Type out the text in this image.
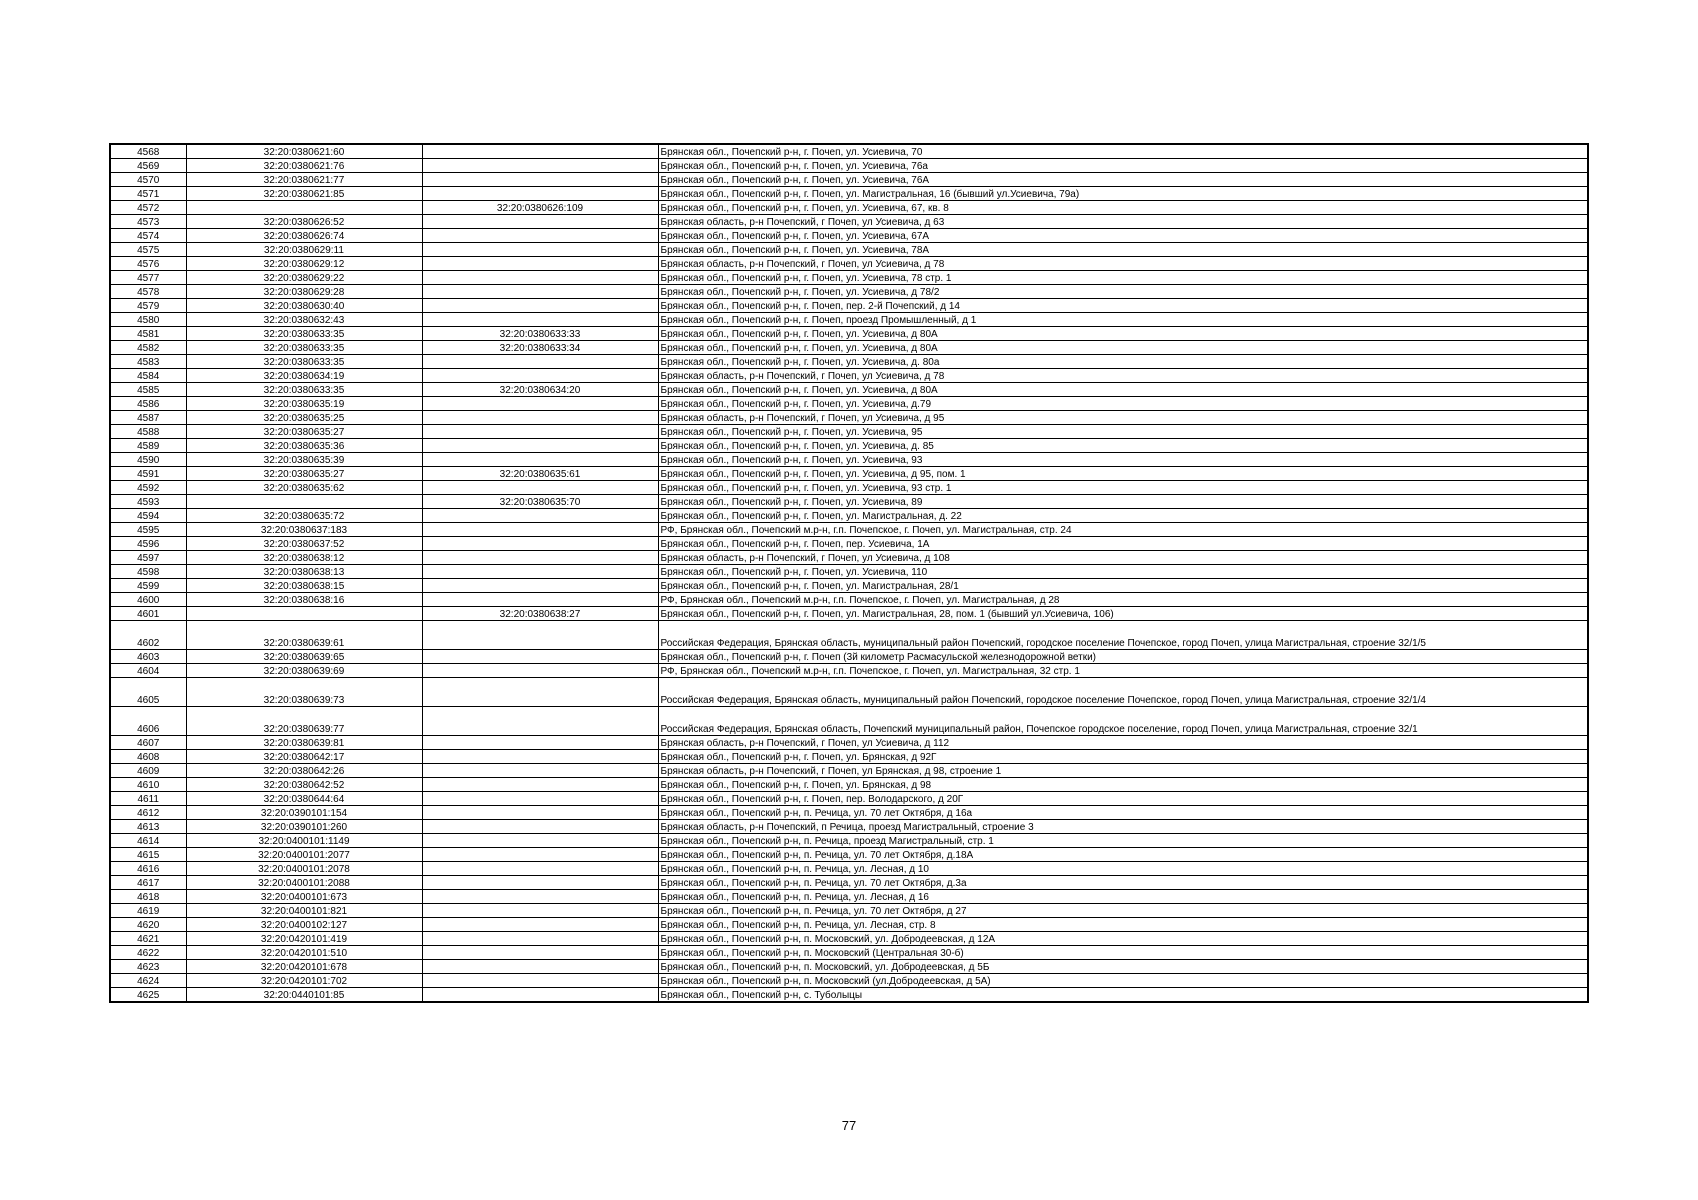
4568	32:20:0380621:60		Брянская обл., Почепский р-н, г. Почеп, ул. Усиевича, 70
4569	32:20:0380621:76		Брянская обл., Почепский р-н, г. Почеп, ул. Усиевича, 76а
4570	32:20:0380621:77		Брянская обл., Почепский р-н, г. Почеп, ул. Усиевича, 76А
4571	32:20:0380621:85		Брянская обл., Почепский р-н, г. Почеп, ул. Магистральная, 16 (бывший ул.Усиевича, 79а)
4572		32:20:0380626:109	Брянская обл., Почепский р-н, г. Почеп, ул. Усиевича, 67, кв. 8
4573	32:20:0380626:52		Брянская область, р-н Почепский, г Почеп, ул Усиевича, д 63
4574	32:20:0380626:74		Брянская обл., Почепский р-н, г. Почеп, ул. Усиевича, 67А
4575	32:20:0380629:11		Брянская обл., Почепский р-н, г. Почеп, ул. Усиевича, 78А
4576	32:20:0380629:12		Брянская область, р-н Почепский, г Почеп, ул Усиевича, д 78
4577	32:20:0380629:22		Брянская обл., Почепский р-н, г. Почеп, ул. Усиевича, 78 стр. 1
4578	32:20:0380629:28		Брянская обл., Почепский р-н, г. Почеп, ул. Усиевича, д 78/2
4579	32:20:0380630:40		Брянская обл., Почепский р-н, г. Почеп, пер. 2-й Почепский, д 14
4580	32:20:0380632:43		Брянская обл., Почепский р-н, г. Почеп, проезд Промышленный, д 1
4581	32:20:0380633:35	32:20:0380633:33	Брянская обл., Почепский р-н, г. Почеп, ул. Усиевича, д 80А
4582	32:20:0380633:35	32:20:0380633:34	Брянская обл., Почепский р-н, г. Почеп, ул. Усиевича, д 80А
4583	32:20:0380633:35		Брянская обл., Почепский р-н, г. Почеп, ул. Усиевича, д. 80а
4584	32:20:0380634:19		Брянская область, р-н Почепский, г Почеп, ул Усиевича, д 78
4585	32:20:0380633:35	32:20:0380634:20	Брянская обл., Почепский р-н, г. Почеп, ул. Усиевича, д 80А
4586	32:20:0380635:19		Брянская обл., Почепский р-н, г. Почеп, ул. Усиевича, д.79
4587	32:20:0380635:25		Брянская область, р-н Почепский, г Почеп, ул Усиевича, д 95
4588	32:20:0380635:27		Брянская обл., Почепский р-н, г. Почеп, ул. Усиевича, 95
4589	32:20:0380635:36		Брянская обл., Почепский р-н, г. Почеп, ул. Усиевича, д. 85
4590	32:20:0380635:39		Брянская обл., Почепский р-н, г. Почеп, ул. Усиевича, 93
4591	32:20:0380635:27	32:20:0380635:61	Брянская обл., Почепский р-н, г. Почеп, ул. Усиевича, д 95, пом. 1
4592	32:20:0380635:62		Брянская обл., Почепский р-н, г. Почеп, ул. Усиевича, 93 стр. 1
4593		32:20:0380635:70	Брянская обл., Почепский р-н, г. Почеп, ул. Усиевича, 89
4594	32:20:0380635:72		Брянская обл., Почепский р-н, г. Почеп, ул. Магистральная, д. 22
4595	32:20:0380637:183		РФ, Брянская обл., Почепский м.р-н, г.п. Почепское, г. Почеп, ул. Магистральная, стр. 24
4596	32:20:0380637:52		Брянская обл., Почепский р-н, г. Почеп, пер. Усиевича, 1А
4597	32:20:0380638:12		Брянская область, р-н Почепский, г Почеп, ул Усиевича, д 108
4598	32:20:0380638:13		Брянская обл., Почепский р-н, г. Почеп, ул. Усиевича, 110
4599	32:20:0380638:15		Брянская обл., Почепский р-н, г. Почеп, ул. Магистральная, 28/1
4600	32:20:0380638:16		РФ, Брянская обл., Почепский м.р-н, г.п. Почепское, г. Почеп, ул. Магистральная, д 28
4601		32:20:0380638:27	Брянская обл., Почепский р-н, г. Почеп, ул. Магистральная, 28, пом. 1 (бывший ул.Усиевича, 106)
4602	32:20:0380639:61		Российская Федерация, Брянская область, муниципальный район Почепский, городское поселение Почепское, город Почеп, улица Магистральная, строение 32/1/5
4603	32:20:0380639:65		Брянская обл., Почепский р-н, г. Почеп (3й километр Расмасульской железнодорожной ветки)
4604	32:20:0380639:69		РФ, Брянская обл., Почепский м.р-н, г.п. Почепское, г. Почеп, ул. Магистральная, 32 стр. 1
4605	32:20:0380639:73		Российская Федерация, Брянская область, муниципальный район Почепский, городское поселение Почепское, город Почеп, улица Магистральная, строение 32/1/4
4606	32:20:0380639:77		Российская Федерация, Брянская область, Почепский муниципальный район, Почепское городское поселение, город Почеп, улица Магистральная, строение 32/1
4607	32:20:0380639:81		Брянская область, р-н Почепский, г Почеп, ул Усиевича, д 112
4608	32:20:0380642:17		Брянская обл., Почепский р-н, г. Почеп, ул. Брянская, д 92Г
4609	32:20:0380642:26		Брянская область, р-н Почепский, г Почеп, ул Брянская, д 98, строение 1
4610	32:20:0380642:52		Брянская обл., Почепский р-н, г. Почеп, ул. Брянская, д 98
4611	32:20:0380644:64		Брянская обл., Почепский р-н, г. Почеп, пер. Володарского, д 20Г
4612	32:20:0390101:154		Брянская обл., Почепский р-н, п. Речица, ул. 70 лет Октября, д 16а
4613	32:20:0390101:260		Брянская область, р-н Почепский, п Речица, проезд Магистральный, строение 3
4614	32:20:0400101:1149		Брянская обл., Почепский р-н, п. Речица, проезд Магистральный, стр. 1
4615	32:20:0400101:2077		Брянская обл., Почепский р-н, п. Речица, ул. 70 лет Октября, д.18А
4616	32:20:0400101:2078		Брянская обл., Почепский р-н, п. Речица, ул. Лесная, д 10
4617	32:20:0400101:2088		Брянская обл., Почепский р-н, п. Речица, ул. 70 лет Октября, д.3а
4618	32:20:0400101:673		Брянская обл., Почепский р-н, п. Речица, ул. Лесная, д 16
4619	32:20:0400101:821		Брянская обл., Почепский р-н, п. Речица, ул. 70 лет Октября, д 27
4620	32:20:0400102:127		Брянская обл., Почепский р-н, п. Речица, ул. Лесная, стр. 8
4621	32:20:0420101:419		Брянская обл., Почепский р-н, п. Московский, ул. Добродеевская, д 12А
4622	32:20:0420101:510		Брянская обл., Почепский р-н, п. Московский (Центральная 30-б)
4623	32:20:0420101:678		Брянская обл., Почепский р-н, п. Московский, ул. Добродеевская, д 5Б
4624	32:20:0420101:702		Брянская обл., Почепский р-н, п. Московский (ул.Добродеевская, д 5А)
4625	32:20:0440101:85		Брянская обл., Почепский р-н, с. Туболыцы
77
